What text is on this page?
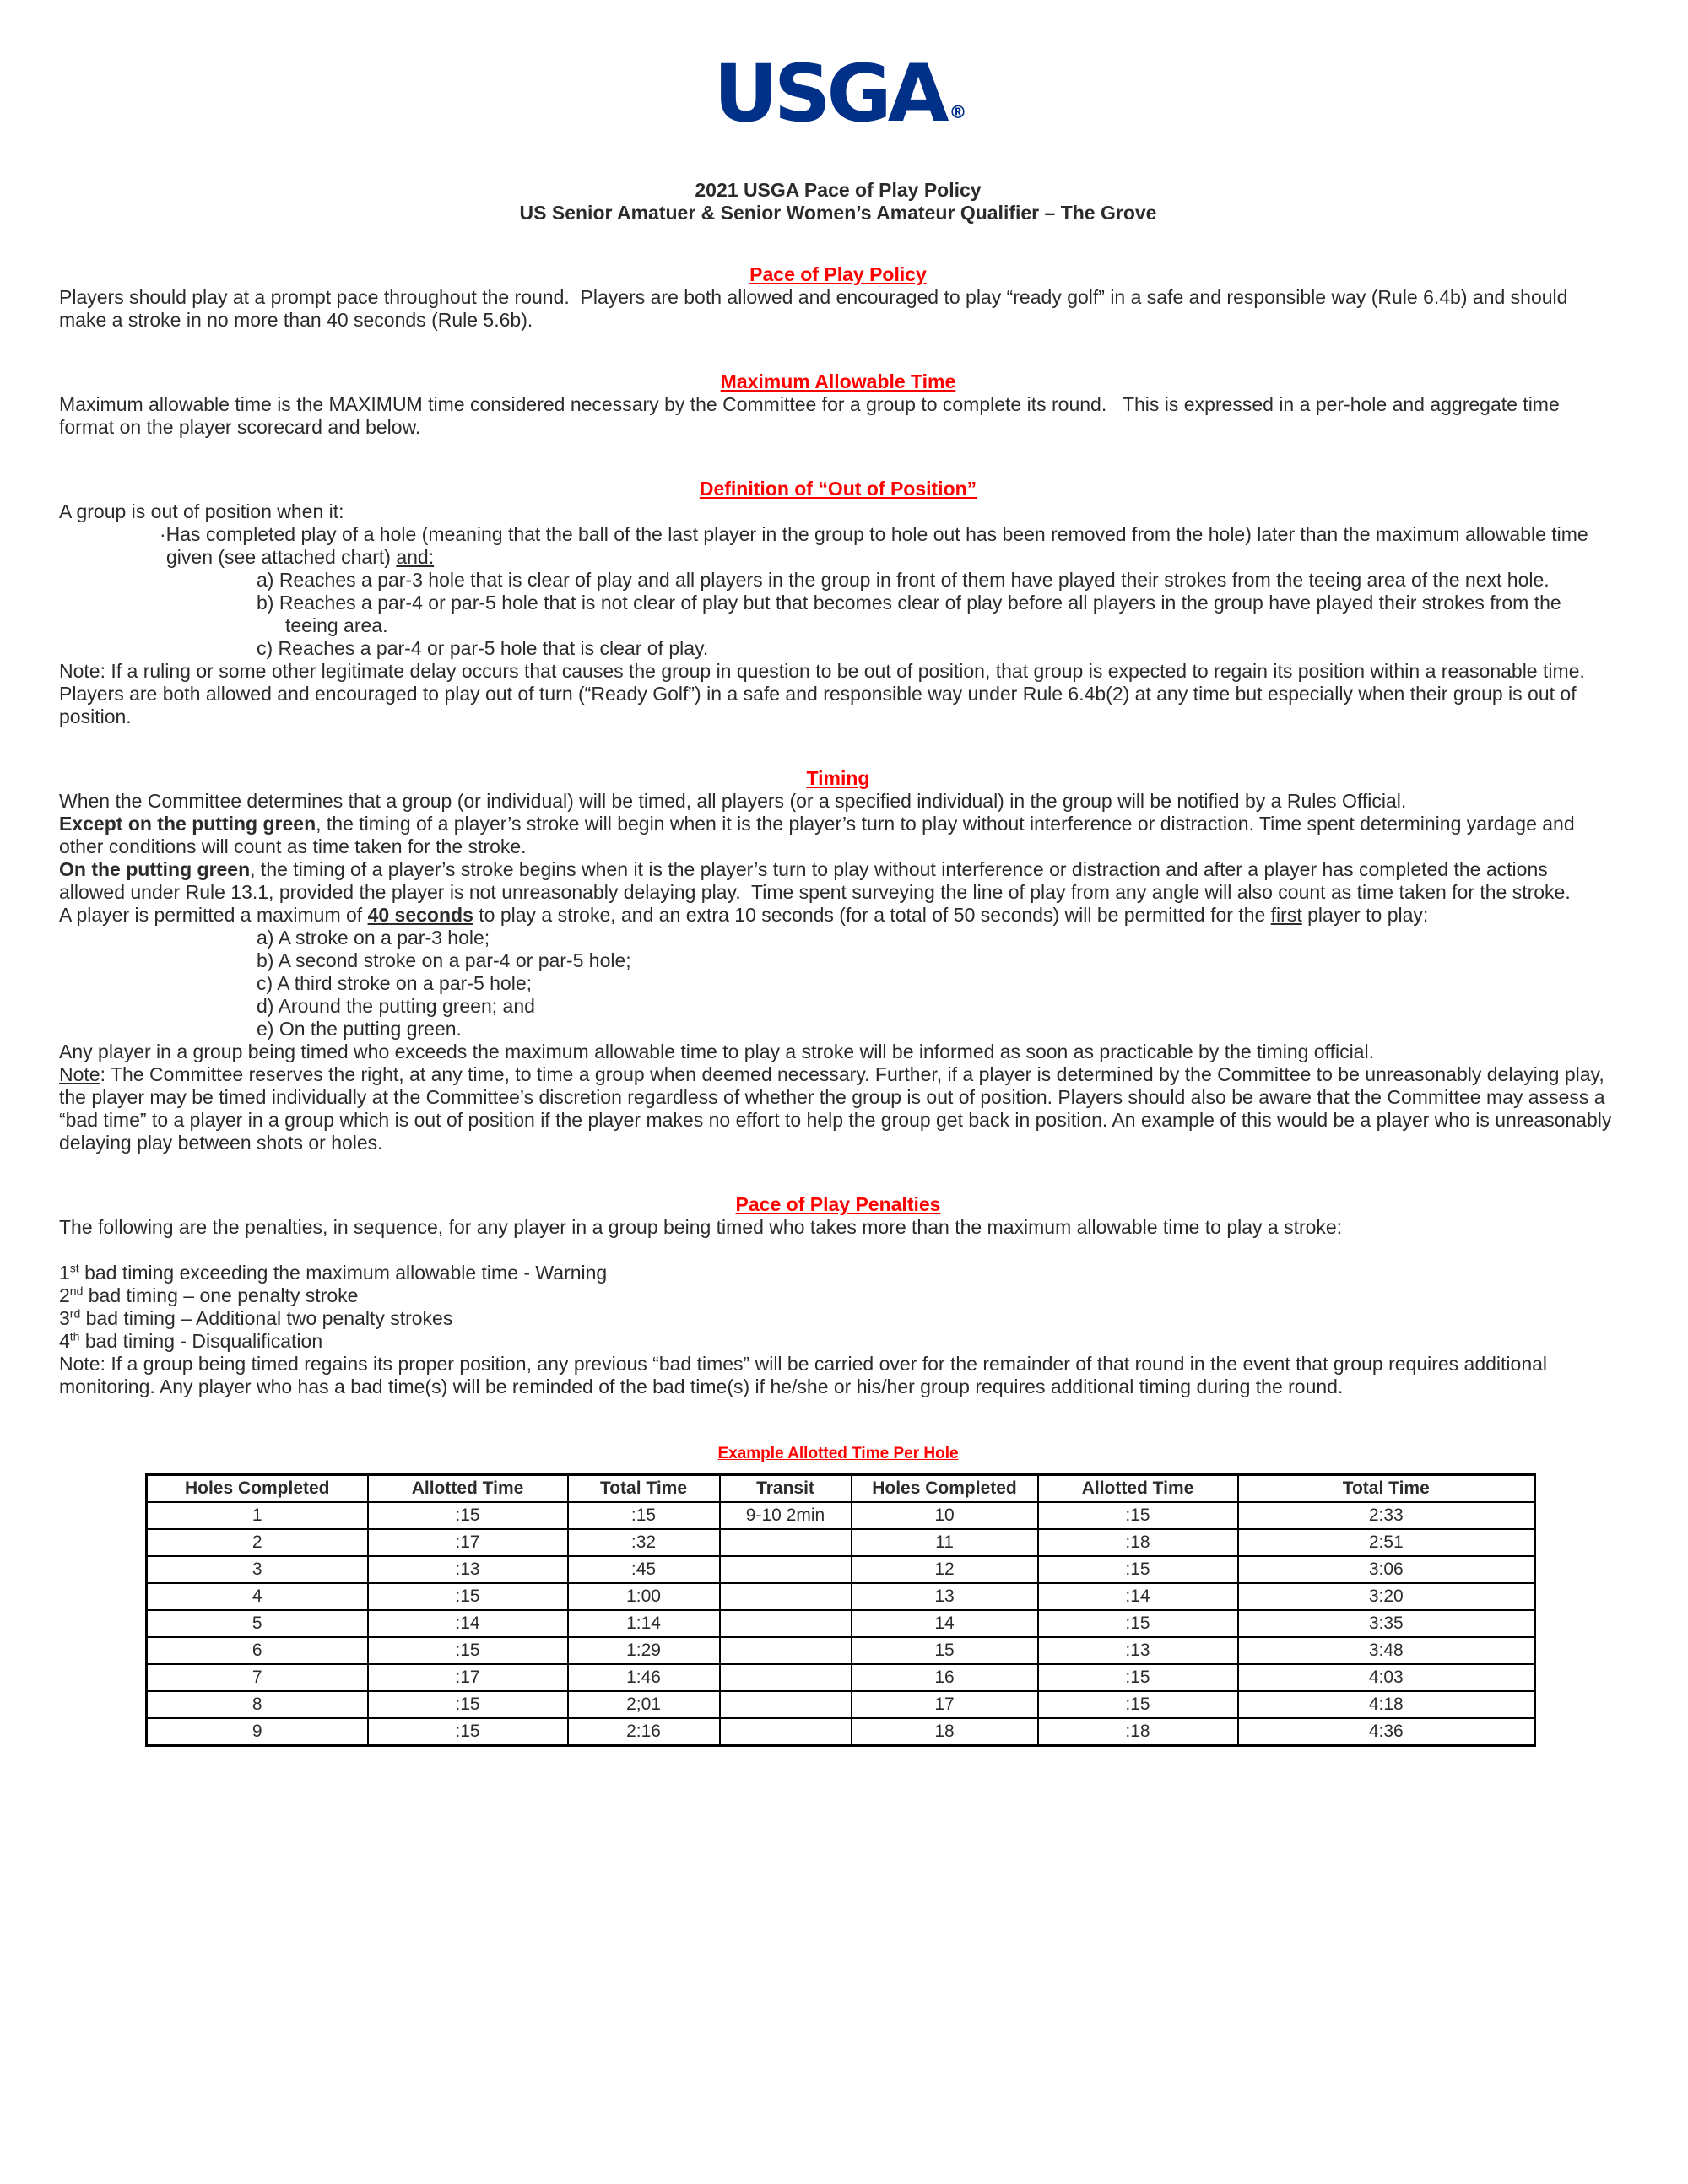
USGA ®
2021 USGA Pace of Play Policy
US Senior Amatuer & Senior Women’s Amateur Qualifier – The Grove
Pace of Play Policy

Players should play at a prompt pace throughout the round.  Players are both allowed and encouraged to play “ready golf” in a safe and responsible way (Rule 6.4b) and should make a stroke in no more than 40 seconds (Rule 5.6b).

Maximum Allowable Time

Maximum allowable time is the MAXIMUM time considered necessary by the Committee for a group to complete its round.   This is expressed in a per-hole and aggregate time format on the player scorecard and below.

Definition of “Out of Position”

A group is out of position when it:

·Has completed play of a hole (meaning that the ball of the last player in the group to hole out has been removed from the hole) later than the maximum allowable time given (see attached chart) and:
a) Reaches a par-3 hole that is clear of play and all players in the group in front of them have played their strokes from the teeing area of the next hole.
b) Reaches a par-4 or par-5 hole that is not clear of play but that becomes clear of play before all players in the group have played their strokes from the teeing area.
c) Reaches a par-4 or par-5 hole that is clear of play.

Note: If a ruling or some other legitimate delay occurs that causes the group in question to be out of position, that group is expected to regain its position within a reasonable time.

Players are both allowed and encouraged to play out of turn (“Ready Golf”) in a safe and responsible way under Rule 6.4b(2) at any time but especially when their group is out of position.

Timing

When the Committee determines that a group (or individual) will be timed, all players (or a specified individual) in the group will be notified by a Rules Official.

Except on the putting green, the timing of a player’s stroke will begin when it is the player’s turn to play without interference or distraction. Time spent determining yardage and other conditions will count as time taken for the stroke.

On the putting green, the timing of a player’s stroke begins when it is the player’s turn to play without interference or distraction and after a player has completed the actions allowed under Rule 13.1, provided the player is not unreasonably delaying play.  Time spent surveying the line of play from any angle will also count as time taken for the stroke.

A player is permitted a maximum of 40 seconds to play a stroke, and an extra 10 seconds (for a total of 50 seconds) will be permitted for the first player to play:

a) A stroke on a par-3 hole;
b) A second stroke on a par-4 or par-5 hole;
c) A third stroke on a par-5 hole;
d) Around the putting green; and
e) On the putting green.

Any player in a group being timed who exceeds the maximum allowable time to play a stroke will be informed as soon as practicable by the timing official.

Note: The Committee reserves the right, at any time, to time a group when deemed necessary. Further, if a player is determined by the Committee to be unreasonably delaying play, the player may be timed individually at the Committee’s discretion regardless of whether the group is out of position. Players should also be aware that the Committee may assess a “bad time” to a player in a group which is out of position if the player makes no effort to help the group get back in position. An example of this would be a player who is unreasonably delaying play between shots or holes.

Pace of Play Penalties

The following are the penalties, in sequence, for any player in a group being timed who takes more than the maximum allowable time to play a stroke:

1st bad timing exceeding the maximum allowable time - Warning
2nd bad timing – one penalty stroke
3rd bad timing – Additional two penalty strokes
4th bad timing - Disqualification

Note: If a group being timed regains its proper position, any previous “bad times” will be carried over for the remainder of that round in the event that group requires additional monitoring. Any player who has a bad time(s) will be reminded of the bad time(s) if he/she or his/her group requires additional timing during the round.

Example Allotted Time Per Hole
Holes Completed	Allotted Time	Total Time	Transit	Holes Completed	Allotted Time	Total Time
1	:15	:15	9-10 2min	10	:15	2:33
2	:17	:32		11	:18	2:51
3	:13	:45		12	:15	3:06
4	:15	1:00		13	:14	3:20
5	:14	1:14		14	:15	3:35
6	:15	1:29		15	:13	3:48
7	:17	1:46		16	:15	4:03
8	:15	2;01		17	:15	4:18
9	:15	2:16		18	:18	4:36
